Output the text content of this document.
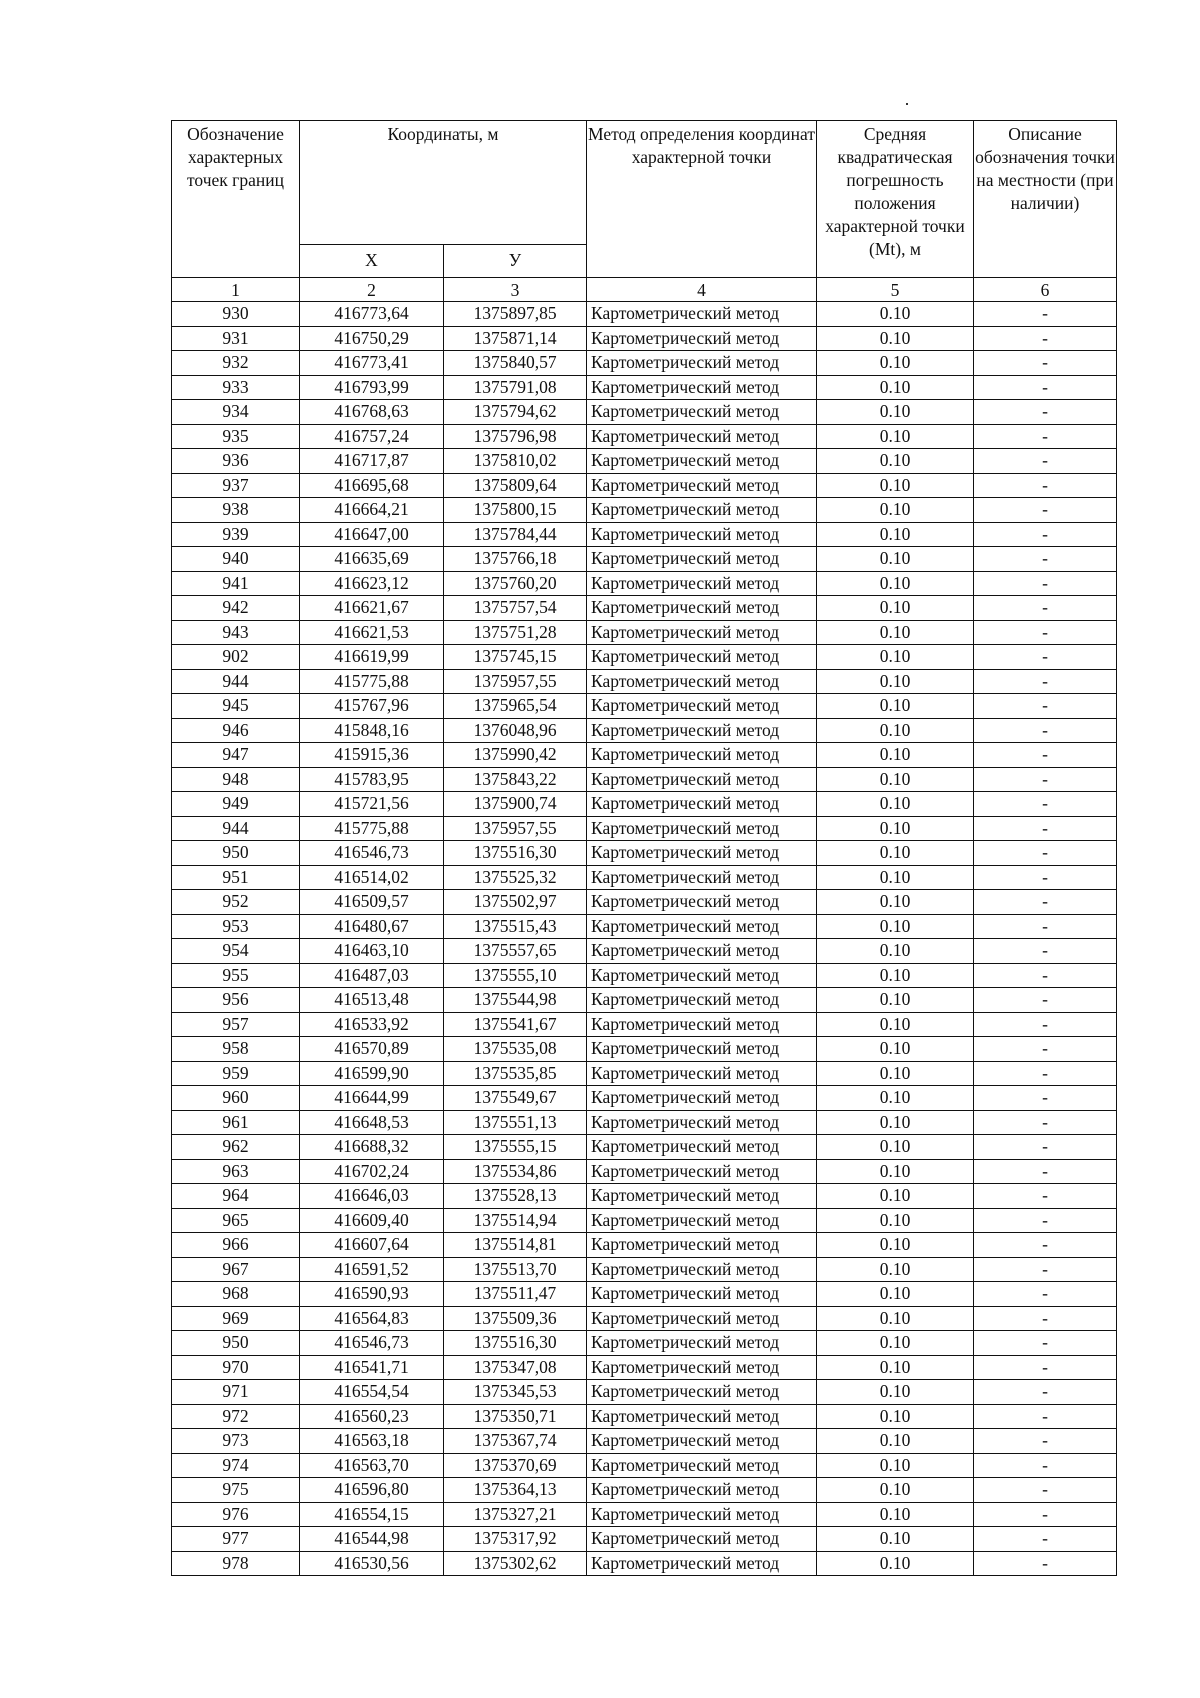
Обозначение характерных точек границ	Координаты, м		Метод определения координат характерной точки	Средняя квадратическая погрешность положения характерной точки (Mt), м	Описание обозначения точки на местности (при наличии)
	X	У			
1	2	3	4	5	6
930	416773,64	1375897,85	Картометрический метод	0.10	-
931	416750,29	1375871,14	Картометрический метод	0.10	-
932	416773,41	1375840,57	Картометрический метод	0.10	-
933	416793,99	1375791,08	Картометрический метод	0.10	-
934	416768,63	1375794,62	Картометрический метод	0.10	-
935	416757,24	1375796,98	Картометрический метод	0.10	-
936	416717,87	1375810,02	Картометрический метод	0.10	-
937	416695,68	1375809,64	Картометрический метод	0.10	-
938	416664,21	1375800,15	Картометрический метод	0.10	-
939	416647,00	1375784,44	Картометрический метод	0.10	-
940	416635,69	1375766,18	Картометрический метод	0.10	-
941	416623,12	1375760,20	Картометрический метод	0.10	-
942	416621,67	1375757,54	Картометрический метод	0.10	-
943	416621,53	1375751,28	Картометрический метод	0.10	-
902	416619,99	1375745,15	Картометрический метод	0.10	-
944	415775,88	1375957,55	Картометрический метод	0.10	-
945	415767,96	1375965,54	Картометрический метод	0.10	-
946	415848,16	1376048,96	Картометрический метод	0.10	-
947	415915,36	1375990,42	Картометрический метод	0.10	-
948	415783,95	1375843,22	Картометрический метод	0.10	-
949	415721,56	1375900,74	Картометрический метод	0.10	-
944	415775,88	1375957,55	Картометрический метод	0.10	-
950	416546,73	1375516,30	Картометрический метод	0.10	-
951	416514,02	1375525,32	Картометрический метод	0.10	-
952	416509,57	1375502,97	Картометрический метод	0.10	-
953	416480,67	1375515,43	Картометрический метод	0.10	-
954	416463,10	1375557,65	Картометрический метод	0.10	-
955	416487,03	1375555,10	Картометрический метод	0.10	-
956	416513,48	1375544,98	Картометрический метод	0.10	-
957	416533,92	1375541,67	Картометрический метод	0.10	-
958	416570,89	1375535,08	Картометрический метод	0.10	-
959	416599,90	1375535,85	Картометрический метод	0.10	-
960	416644,99	1375549,67	Картометрический метод	0.10	-
961	416648,53	1375551,13	Картометрический метод	0.10	-
962	416688,32	1375555,15	Картометрический метод	0.10	-
963	416702,24	1375534,86	Картометрический метод	0.10	-
964	416646,03	1375528,13	Картометрический метод	0.10	-
965	416609,40	1375514,94	Картометрический метод	0.10	-
966	416607,64	1375514,81	Картометрический метод	0.10	-
967	416591,52	1375513,70	Картометрический метод	0.10	-
968	416590,93	1375511,47	Картометрический метод	0.10	-
969	416564,83	1375509,36	Картометрический метод	0.10	-
950	416546,73	1375516,30	Картометрический метод	0.10	-
970	416541,71	1375347,08	Картометрический метод	0.10	-
971	416554,54	1375345,53	Картометрический метод	0.10	-
972	416560,23	1375350,71	Картометрический метод	0.10	-
973	416563,18	1375367,74	Картометрический метод	0.10	-
974	416563,70	1375370,69	Картометрический метод	0.10	-
975	416596,80	1375364,13	Картометрический метод	0.10	-
976	416554,15	1375327,21	Картометрический метод	0.10	-
977	416544,98	1375317,92	Картометрический метод	0.10	-
978	416530,56	1375302,62	Картометрический метод	0.10	-
